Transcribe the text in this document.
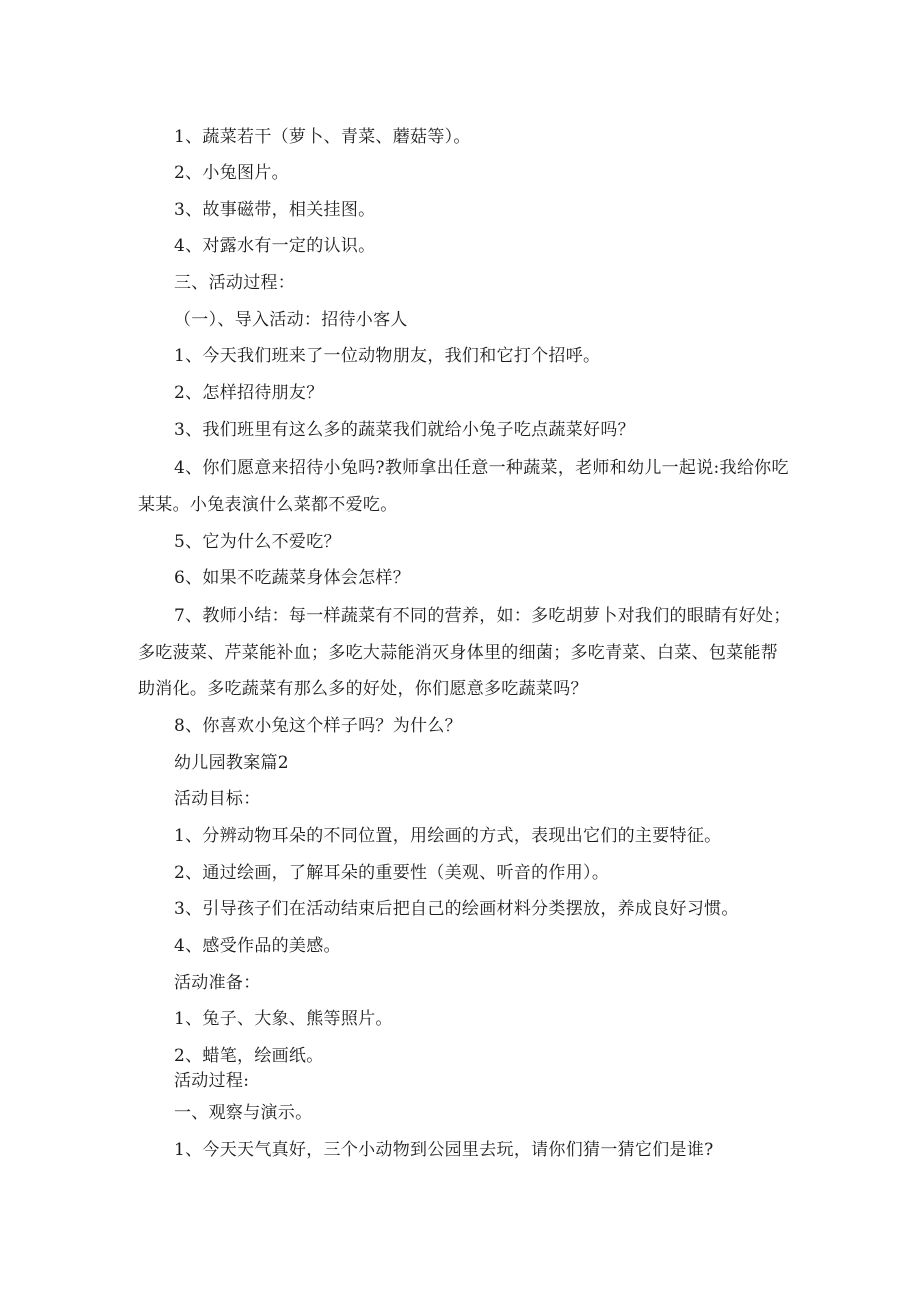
1、蔬菜若干（萝卜、青菜、蘑菇等）。
2、小兔图片。
3、故事磁带，相关挂图。
4、对露水有一定的认识。
三、活动过程：
（一）、导入活动：招待小客人
1、今天我们班来了一位动物朋友，我们和它打个招呼。
2、怎样招待朋友？
3、我们班里有这么多的蔬菜我们就给小兔子吃点蔬菜好吗？
4、你们愿意来招待小兔吗?教师拿出任意一种蔬菜，老师和幼儿一起说:我给你吃
某某。小兔表演什么菜都不爱吃。
5、它为什么不爱吃？
6、如果不吃蔬菜身体会怎样？
7、教师小结：每一样蔬菜有不同的营养，如：多吃胡萝卜对我们的眼睛有好处；
多吃菠菜、芹菜能补血；多吃大蒜能消灭身体里的细菌；多吃青菜、白菜、包菜能帮
助消化。多吃蔬菜有那么多的好处，你们愿意多吃蔬菜吗？
8、你喜欢小兔这个样子吗？为什么？
幼儿园教案篇2
活动目标：
1、分辨动物耳朵的不同位置，用绘画的方式，表现出它们的主要特征。
2、通过绘画，了解耳朵的重要性（美观、听音的作用）。
3、引导孩子们在活动结束后把自己的绘画材料分类摆放，养成良好习惯。
4、感受作品的美感。
活动准备：
1、兔子、大象、熊等照片。
2、蜡笔，绘画纸。
活动过程:
一、观察与演示。
1、今天天气真好，三个小动物到公园里去玩，请你们猜一猜它们是谁?
